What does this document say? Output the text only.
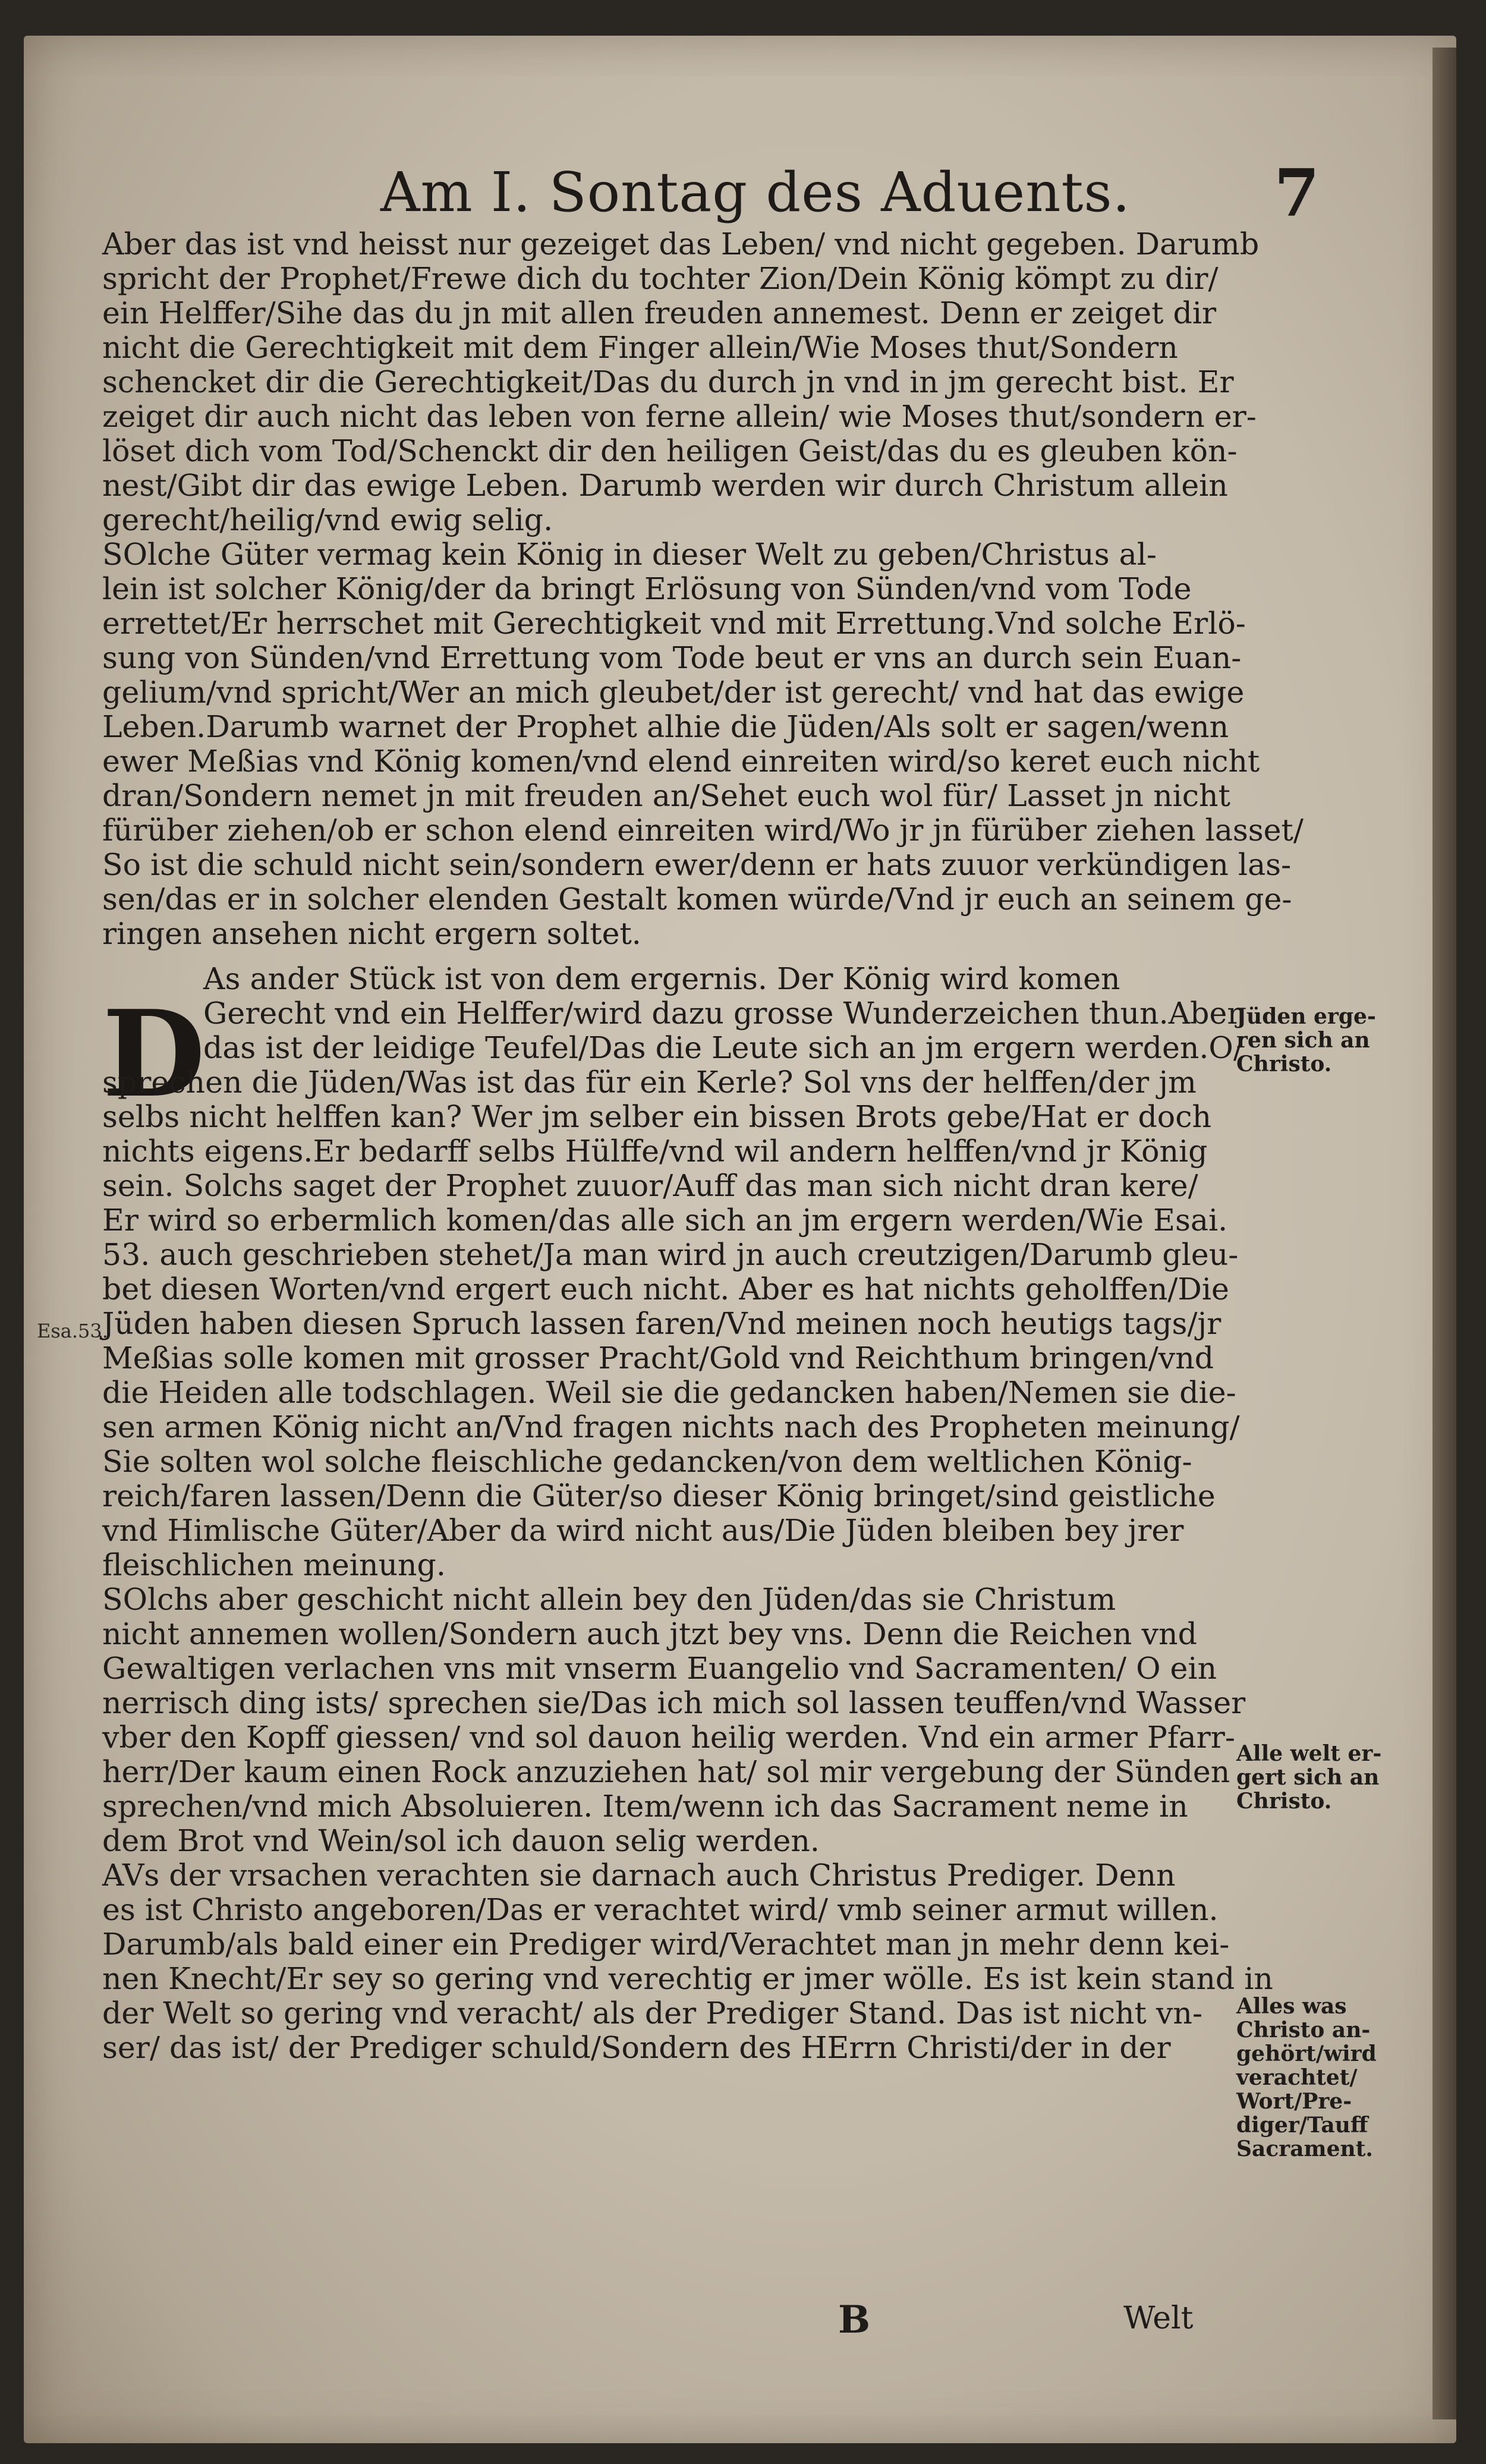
Am I. Sontag des Aduents. 7
D
Aber das ist vnd heisst nur gezeiget das Leben/ vnd nicht gegeben. Darumb
spricht der Prophet/Frewe dich du tochter Zion/Dein König kömpt zu dir/
ein Helffer/Sihe das du jn mit allen freuden annemest. Denn er zeiget dir
nicht die Gerechtigkeit mit dem Finger allein/Wie Moses thut/Sondern
schencket dir die Gerechtigkeit/Das du durch jn vnd in jm gerecht bist. Er
zeiget dir auch nicht das leben von ferne allein/ wie Moses thut/sondern er-
löset dich vom Tod/Schenckt dir den heiligen Geist/das du es gleuben kön-
nest/Gibt dir das ewige Leben. Darumb werden wir durch Christum allein
gerecht/heilig/vnd ewig selig.
SOlche Güter vermag kein König in dieser Welt zu geben/Christus al-
lein ist solcher König/der da bringt Erlösung von Sünden/vnd vom Tode
errettet/Er herrschet mit Gerechtigkeit vnd mit Errettung.Vnd solche Erlö-
sung von Sünden/vnd Errettung vom Tode beut er vns an durch sein Euan-
gelium/vnd spricht/Wer an mich gleubet/der ist gerecht/ vnd hat das ewige
Leben.Darumb warnet der Prophet alhie die Jüden/Als solt er sagen/wenn
ewer Meßias vnd König komen/vnd elend einreiten wird/so keret euch nicht
dran/Sondern nemet jn mit freuden an/Sehet euch wol für/ Lasset jn nicht
fürüber ziehen/ob er schon elend einreiten wird/Wo jr jn fürüber ziehen lasset/
So ist die schuld nicht sein/sondern ewer/denn er hats zuuor verkündigen las-
sen/das er in solcher elenden Gestalt komen würde/Vnd jr euch an seinem ge-
ringen ansehen nicht ergern soltet.
As ander Stück ist von dem ergernis. Der König wird komen
Gerecht vnd ein Helffer/wird dazu grosse Wunderzeichen thun.Aber
das ist der leidige Teufel/Das die Leute sich an jm ergern werden.O/
sprechen die Jüden/Was ist das für ein Kerle? Sol vns der helffen/der jm
selbs nicht helffen kan? Wer jm selber ein bissen Brots gebe/Hat er doch
nichts eigens.Er bedarff selbs Hülffe/vnd wil andern helffen/vnd jr König
sein. Solchs saget der Prophet zuuor/Auff das man sich nicht dran kere/
Er wird so erbermlich komen/das alle sich an jm ergern werden/Wie Esai.
53. auch geschrieben stehet/Ja man wird jn auch creutzigen/Darumb gleu-
bet diesen Worten/vnd ergert euch nicht. Aber es hat nichts geholffen/Die
Jüden haben diesen Spruch lassen faren/Vnd meinen noch heutigs tags/jr
Meßias solle komen mit grosser Pracht/Gold vnd Reichthum bringen/vnd
die Heiden alle todschlagen. Weil sie die gedancken haben/Nemen sie die-
sen armen König nicht an/Vnd fragen nichts nach des Propheten meinung/
Sie solten wol solche fleischliche gedancken/von dem weltlichen König-
reich/faren lassen/Denn die Güter/so dieser König bringet/sind geistliche
vnd Himlische Güter/Aber da wird nicht aus/Die Jüden bleiben bey jrer
fleischlichen meinung.
SOlchs aber geschicht nicht allein bey den Jüden/das sie Christum
nicht annemen wollen/Sondern auch jtzt bey vns. Denn die Reichen vnd
Gewaltigen verlachen vns mit vnserm Euangelio vnd Sacramenten/ O ein
nerrisch ding ists/ sprechen sie/Das ich mich sol lassen teuffen/vnd Wasser
vber den Kopff giessen/ vnd sol dauon heilig werden. Vnd ein armer Pfarr-
herr/Der kaum einen Rock anzuziehen hat/ sol mir vergebung der Sünden
sprechen/vnd mich Absoluieren. Item/wenn ich das Sacrament neme in
dem Brot vnd Wein/sol ich dauon selig werden.
AVs der vrsachen verachten sie darnach auch Christus Prediger. Denn
es ist Christo angeboren/Das er verachtet wird/ vmb seiner armut willen.
Darumb/als bald einer ein Prediger wird/Verachtet man jn mehr denn kei-
nen Knecht/Er sey so gering vnd verechtig er jmer wölle. Es ist kein stand in
der Welt so gering vnd veracht/ als der Prediger Stand. Das ist nicht vn-
ser/ das ist/ der Prediger schuld/Sondern des HErrn Christi/der in der
Jüden erge-
ren sich an
Christo.
Alle welt er-
gert sich an
Christo.
Alles was
Christo an-
gehört/wird
verachtet/
Wort/Pre-
diger/Tauff
Sacrament.
Esa.53.
B	Welt
